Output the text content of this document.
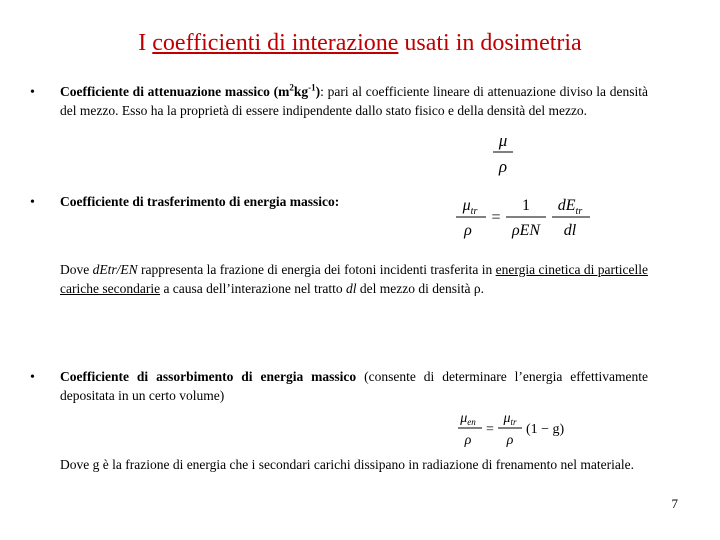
I coefficienti di interazione usati in dosimetria
• Coefficiente di attenuazione massico $(m^2kg^{-1})$: pari al coefficiente lineare di attenuazione diviso la densità del mezzo. Esso ha la proprietà di essere indipendente dallo stato fisico e della densità del mezzo.
μ
ρ
• Coefficiente di trasferimento di energia massico:	$\mu_{tr}$
ρ
=
1
ρEN
$dE_{tr}$
dl
Dove dEtr/EN rappresenta la frazione di energia dei fotoni incidenti trasferita in energia cinetica di particelle cariche secondarie a causa dell’interazione nel tratto dl del mezzo di densità ρ.
• Coefficiente di assorbimento di energia massico (consente di determinare l’energia effettivamente depositata in un certo volume)
$\mu_{en}$
ρ
=
$\mu_{tr}$
ρ
(1 − g)
Dove g è la frazione di energia che i secondari carichi dissipano in radiazione di frenamento nel materiale.
7
